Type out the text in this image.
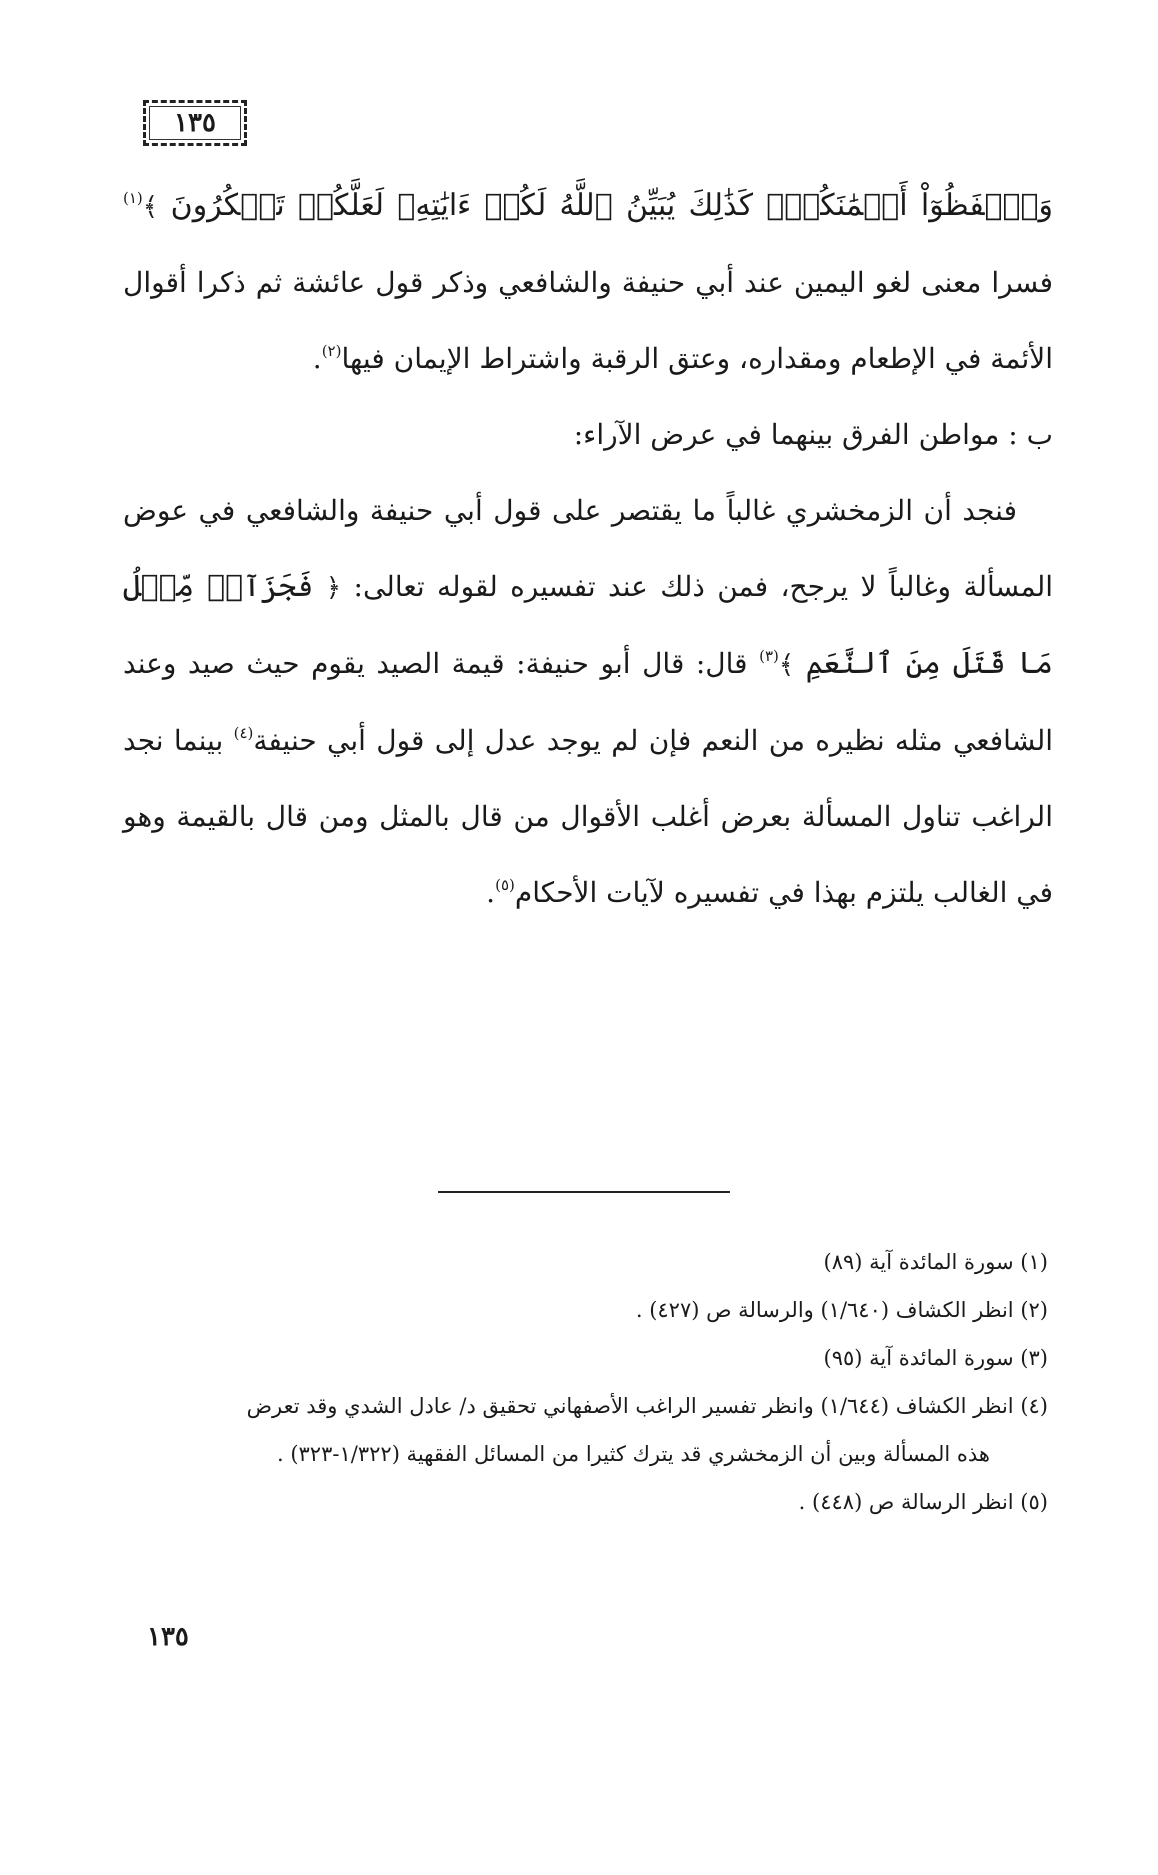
١٣٥

وَٱحۡفَظُوٓاْ أَيۡمَٰنَكُمۡۚ كَذَٰلِكَ يُبَيِّنُ ٱللَّهُ لَكُمۡ ءَايَٰتِهِۦ لَعَلَّكُمۡ تَشۡكُرُونَ ﴾$^{(١)}$ فسرا معنى لغو اليمين عند أبي حنيفة والشافعي وذكر قول عائشة ثم ذكرا أقوال الأئمة في الإطعام ومقداره، وعتق الرقبة واشتراط الإيمان فيها$^{(٢)}$.

ب : مواطن الفرق بينهما في عرض الآراء:

فنجد أن الزمخشري غالباً ما يقتصر على قول أبي حنيفة والشافعي في عوض المسألة وغالباً لا يرجح، فمن ذلك عند تفسيره لقوله تعالى: ﴿ فَجَزَآءٞ مِّثۡلُ مَا قَتَلَ مِنَ ٱلنَّعَمِ ﴾$^{(٣)}$ قال: قال أبو حنيفة: قيمة الصيد يقوم حيث صيد وعند الشافعي مثله نظيره من النعم فإن لم يوجد عدل إلى قول أبي حنيفة$^{(٤)}$ بينما نجد الراغب تناول المسألة بعرض أغلب الأقوال من قال بالمثل ومن قال بالقيمة وهو في الغالب يلتزم بهذا في تفسيره لآيات الأحكام$^{(٥)}$.

(١) سورة المائدة آية (٨٩)

(٢) انظر الكشاف (١/٦٤٠) والرسالة ص (٤٢٧) .

(٣) سورة المائدة آية (٩٥)

(٤) انظر الكشاف (١/٦٤٤) وانظر تفسير الراغب الأصفهاني تحقيق د/ عادل الشدي وقد تعرض

هذه المسألة وبين أن الزمخشري قد يترك كثيرا من المسائل الفقهية (١/٣٢٢-٣٢٣) .

(٥) انظر الرسالة ص (٤٤٨) .

١٣٥
